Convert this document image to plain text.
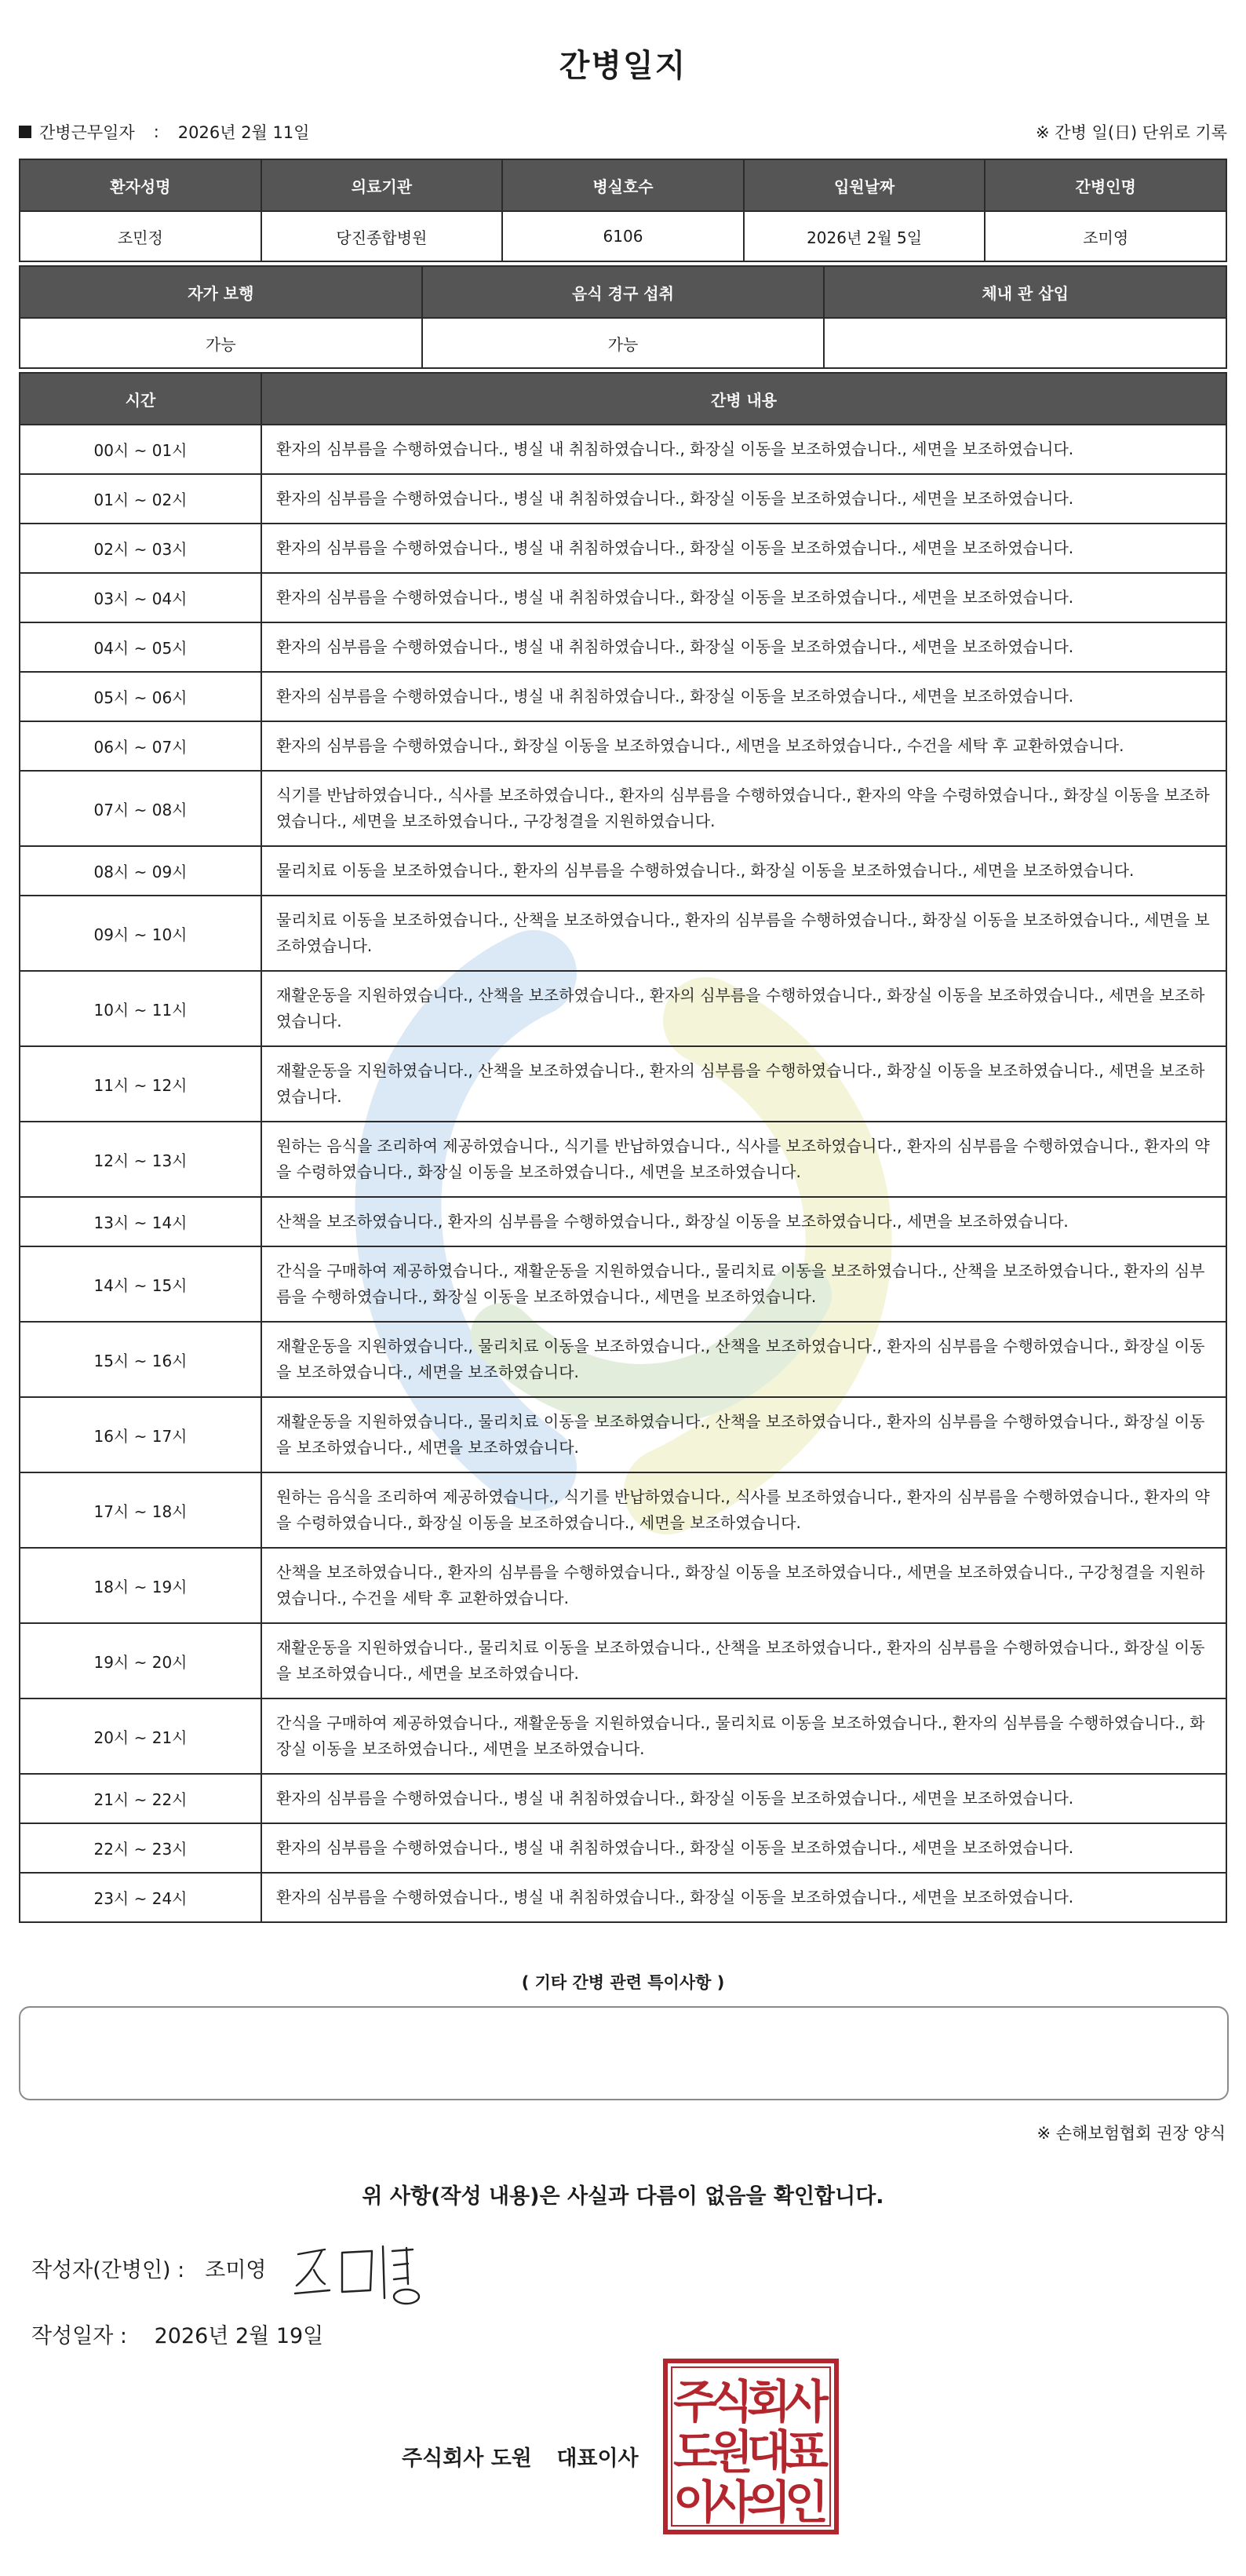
간병일지
간병근무일자 : 2026년 2월 11일	※ 간병 일(日) 단위로 기록
환자성명	의료기관	병실호수	입원날짜	간병인명
조민정	당진종합병원	6106	2026년 2월 5일	조미영
자가 보행	음식 경구 섭취	체내 관 삽입
가능	가능	
시간	간병 내용
00시 ~ 01시	환자의 심부름을 수행하였습니다., 병실 내 취침하였습니다., 화장실 이동을 보조하였습니다., 세면을 보조하였습니다.
01시 ~ 02시	환자의 심부름을 수행하였습니다., 병실 내 취침하였습니다., 화장실 이동을 보조하였습니다., 세면을 보조하였습니다.
02시 ~ 03시	환자의 심부름을 수행하였습니다., 병실 내 취침하였습니다., 화장실 이동을 보조하였습니다., 세면을 보조하였습니다.
03시 ~ 04시	환자의 심부름을 수행하였습니다., 병실 내 취침하였습니다., 화장실 이동을 보조하였습니다., 세면을 보조하였습니다.
04시 ~ 05시	환자의 심부름을 수행하였습니다., 병실 내 취침하였습니다., 화장실 이동을 보조하였습니다., 세면을 보조하였습니다.
05시 ~ 06시	환자의 심부름을 수행하였습니다., 병실 내 취침하였습니다., 화장실 이동을 보조하였습니다., 세면을 보조하였습니다.
06시 ~ 07시	환자의 심부름을 수행하였습니다., 화장실 이동을 보조하였습니다., 세면을 보조하였습니다., 수건을 세탁 후 교환하였습니다.
07시 ~ 08시	식기를 반납하였습니다., 식사를 보조하였습니다., 환자의 심부름을 수행하였습니다., 환자의 약을 수령하였습니다., 화장실 이동을 보조하였습니다., 세면을 보조하였습니다., 구강청결을 지원하였습니다.
08시 ~ 09시	물리치료 이동을 보조하였습니다., 환자의 심부름을 수행하였습니다., 화장실 이동을 보조하였습니다., 세면을 보조하였습니다.
09시 ~ 10시	물리치료 이동을 보조하였습니다., 산책을 보조하였습니다., 환자의 심부름을 수행하였습니다., 화장실 이동을 보조하였습니다., 세면을 보조하였습니다.
10시 ~ 11시	재활운동을 지원하였습니다., 산책을 보조하였습니다., 환자의 심부름을 수행하였습니다., 화장실 이동을 보조하였습니다., 세면을 보조하였습니다.
11시 ~ 12시	재활운동을 지원하였습니다., 산책을 보조하였습니다., 환자의 심부름을 수행하였습니다., 화장실 이동을 보조하였습니다., 세면을 보조하였습니다.
12시 ~ 13시	원하는 음식을 조리하여 제공하였습니다., 식기를 반납하였습니다., 식사를 보조하였습니다., 환자의 심부름을 수행하였습니다., 환자의 약을 수령하였습니다., 화장실 이동을 보조하였습니다., 세면을 보조하였습니다.
13시 ~ 14시	산책을 보조하였습니다., 환자의 심부름을 수행하였습니다., 화장실 이동을 보조하였습니다., 세면을 보조하였습니다.
14시 ~ 15시	간식을 구매하여 제공하였습니다., 재활운동을 지원하였습니다., 물리치료 이동을 보조하였습니다., 산책을 보조하였습니다., 환자의 심부름을 수행하였습니다., 화장실 이동을 보조하였습니다., 세면을 보조하였습니다.
15시 ~ 16시	재활운동을 지원하였습니다., 물리치료 이동을 보조하였습니다., 산책을 보조하였습니다., 환자의 심부름을 수행하였습니다., 화장실 이동을 보조하였습니다., 세면을 보조하였습니다.
16시 ~ 17시	재활운동을 지원하였습니다., 물리치료 이동을 보조하였습니다., 산책을 보조하였습니다., 환자의 심부름을 수행하였습니다., 화장실 이동을 보조하였습니다., 세면을 보조하였습니다.
17시 ~ 18시	원하는 음식을 조리하여 제공하였습니다., 식기를 반납하였습니다., 식사를 보조하였습니다., 환자의 심부름을 수행하였습니다., 환자의 약을 수령하였습니다., 화장실 이동을 보조하였습니다., 세면을 보조하였습니다.
18시 ~ 19시	산책을 보조하였습니다., 환자의 심부름을 수행하였습니다., 화장실 이동을 보조하였습니다., 세면을 보조하였습니다., 구강청결을 지원하였습니다., 수건을 세탁 후 교환하였습니다.
19시 ~ 20시	재활운동을 지원하였습니다., 물리치료 이동을 보조하였습니다., 산책을 보조하였습니다., 환자의 심부름을 수행하였습니다., 화장실 이동을 보조하였습니다., 세면을 보조하였습니다.
20시 ~ 21시	간식을 구매하여 제공하였습니다., 재활운동을 지원하였습니다., 물리치료 이동을 보조하였습니다., 환자의 심부름을 수행하였습니다., 화장실 이동을 보조하였습니다., 세면을 보조하였습니다.
21시 ~ 22시	환자의 심부름을 수행하였습니다., 병실 내 취침하였습니다., 화장실 이동을 보조하였습니다., 세면을 보조하였습니다.
22시 ~ 23시	환자의 심부름을 수행하였습니다., 병실 내 취침하였습니다., 화장실 이동을 보조하였습니다., 세면을 보조하였습니다.
23시 ~ 24시	환자의 심부름을 수행하였습니다., 병실 내 취침하였습니다., 화장실 이동을 보조하였습니다., 세면을 보조하였습니다.
( 기타 간병 관련 특이사항 )
※ 손해보험협회 권장 양식
위 사항(작성 내용)은 사실과 다름이 없음을 확인합니다.
작성자(간병인) : 조미영
작성일자 : 2026년 2월 19일
주식회사 도원 대표이사
주
식
회
사
도
원
대
표
이
사
의
인
